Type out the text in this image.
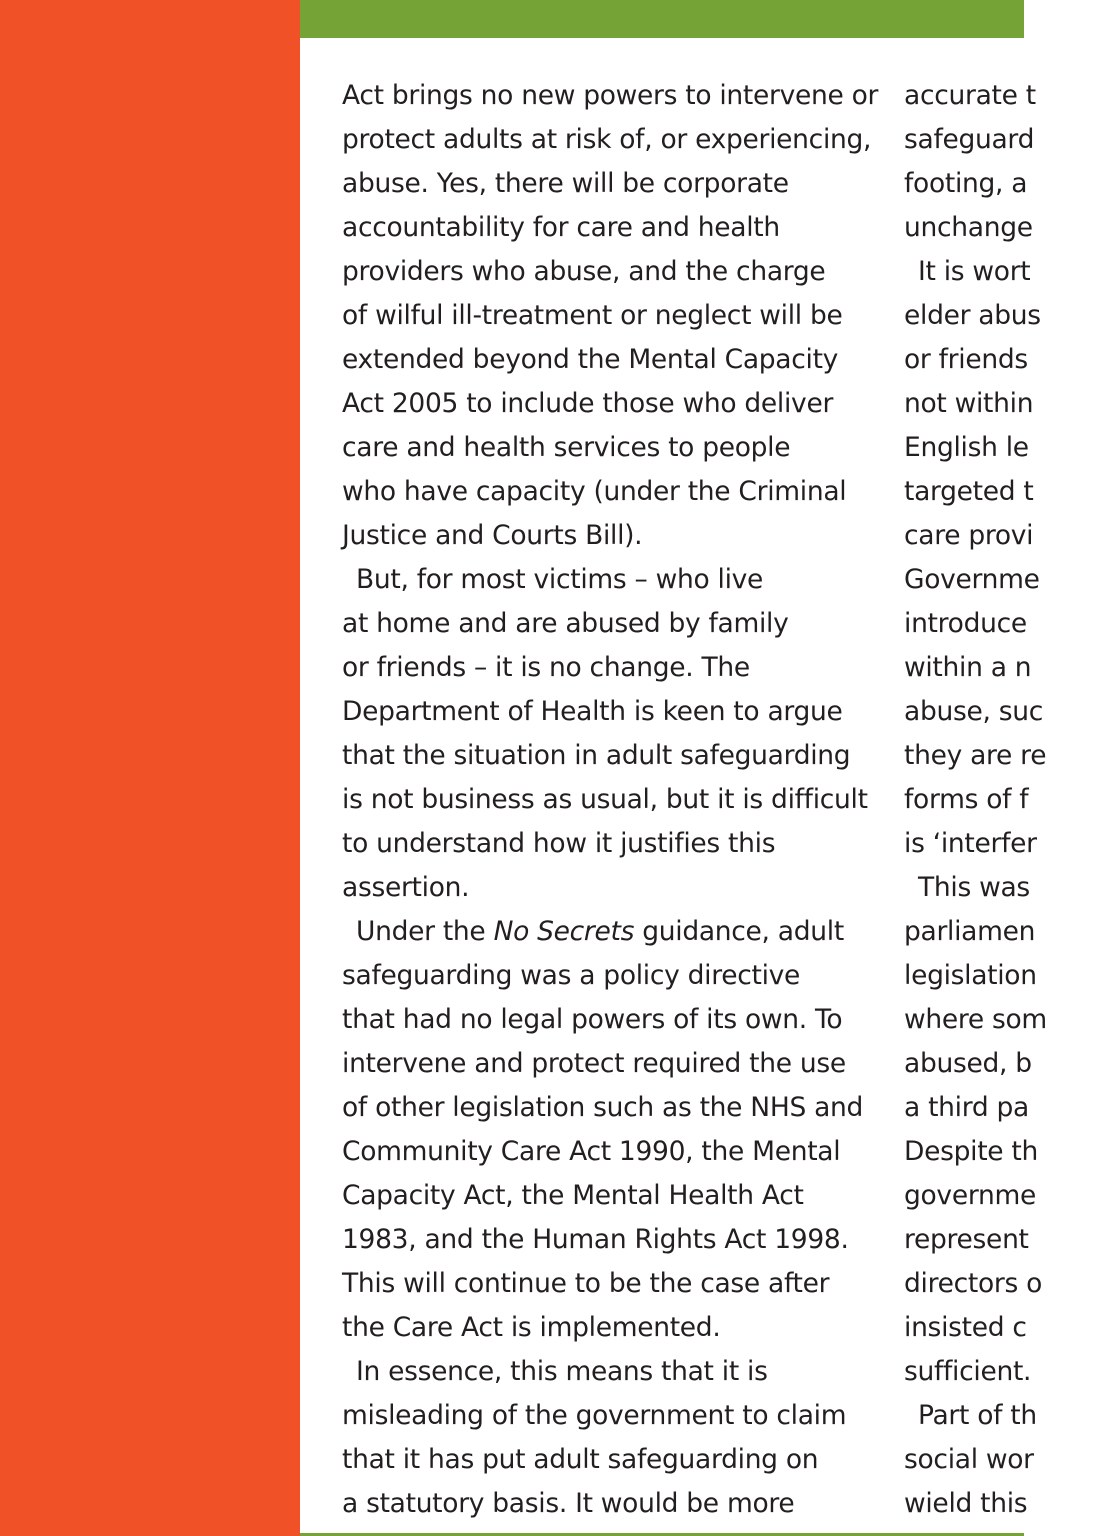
Act brings no new powers to intervene or
protect adults at risk of, or experiencing,
abuse. Yes, there will be corporate
accountability for care and health
providers who abuse, and the charge
of wilful ill-treatment or neglect will be
extended beyond the Mental Capacity
Act 2005 to include those who deliver
care and health services to people
who have capacity (under the Criminal
Justice and Courts Bill).
But, for most victims – who live
at home and are abused by family
or friends – it is no change. The
Department of Health is keen to argue
that the situation in adult safeguarding
is not business as usual, but it is difficult
to understand how it justifies this
assertion.
Under the No Secrets guidance, adult
safeguarding was a policy directive
that had no legal powers of its own. To
intervene and protect required the use
of other legislation such as the NHS and
Community Care Act 1990, the Mental
Capacity Act, the Mental Health Act
1983, and the Human Rights Act 1998.
This will continue to be the case after
the Care Act is implemented.
In essence, this means that it is
misleading of the government to claim
that it has put adult safeguarding on
a statutory basis. It would be more
accurate t
safeguard
footing, a
unchange
It is wort
elder abus
or friends
not within
English le
targeted t
care provi
Governme
introduce
within a n
abuse, suc
they are re
forms of f
is ‘interfer
This was
parliamen
legislation
where som
abused, b
a third pa
Despite th
governme
represent
directors o
insisted c
sufficient.
Part of th
social wor
wield this
